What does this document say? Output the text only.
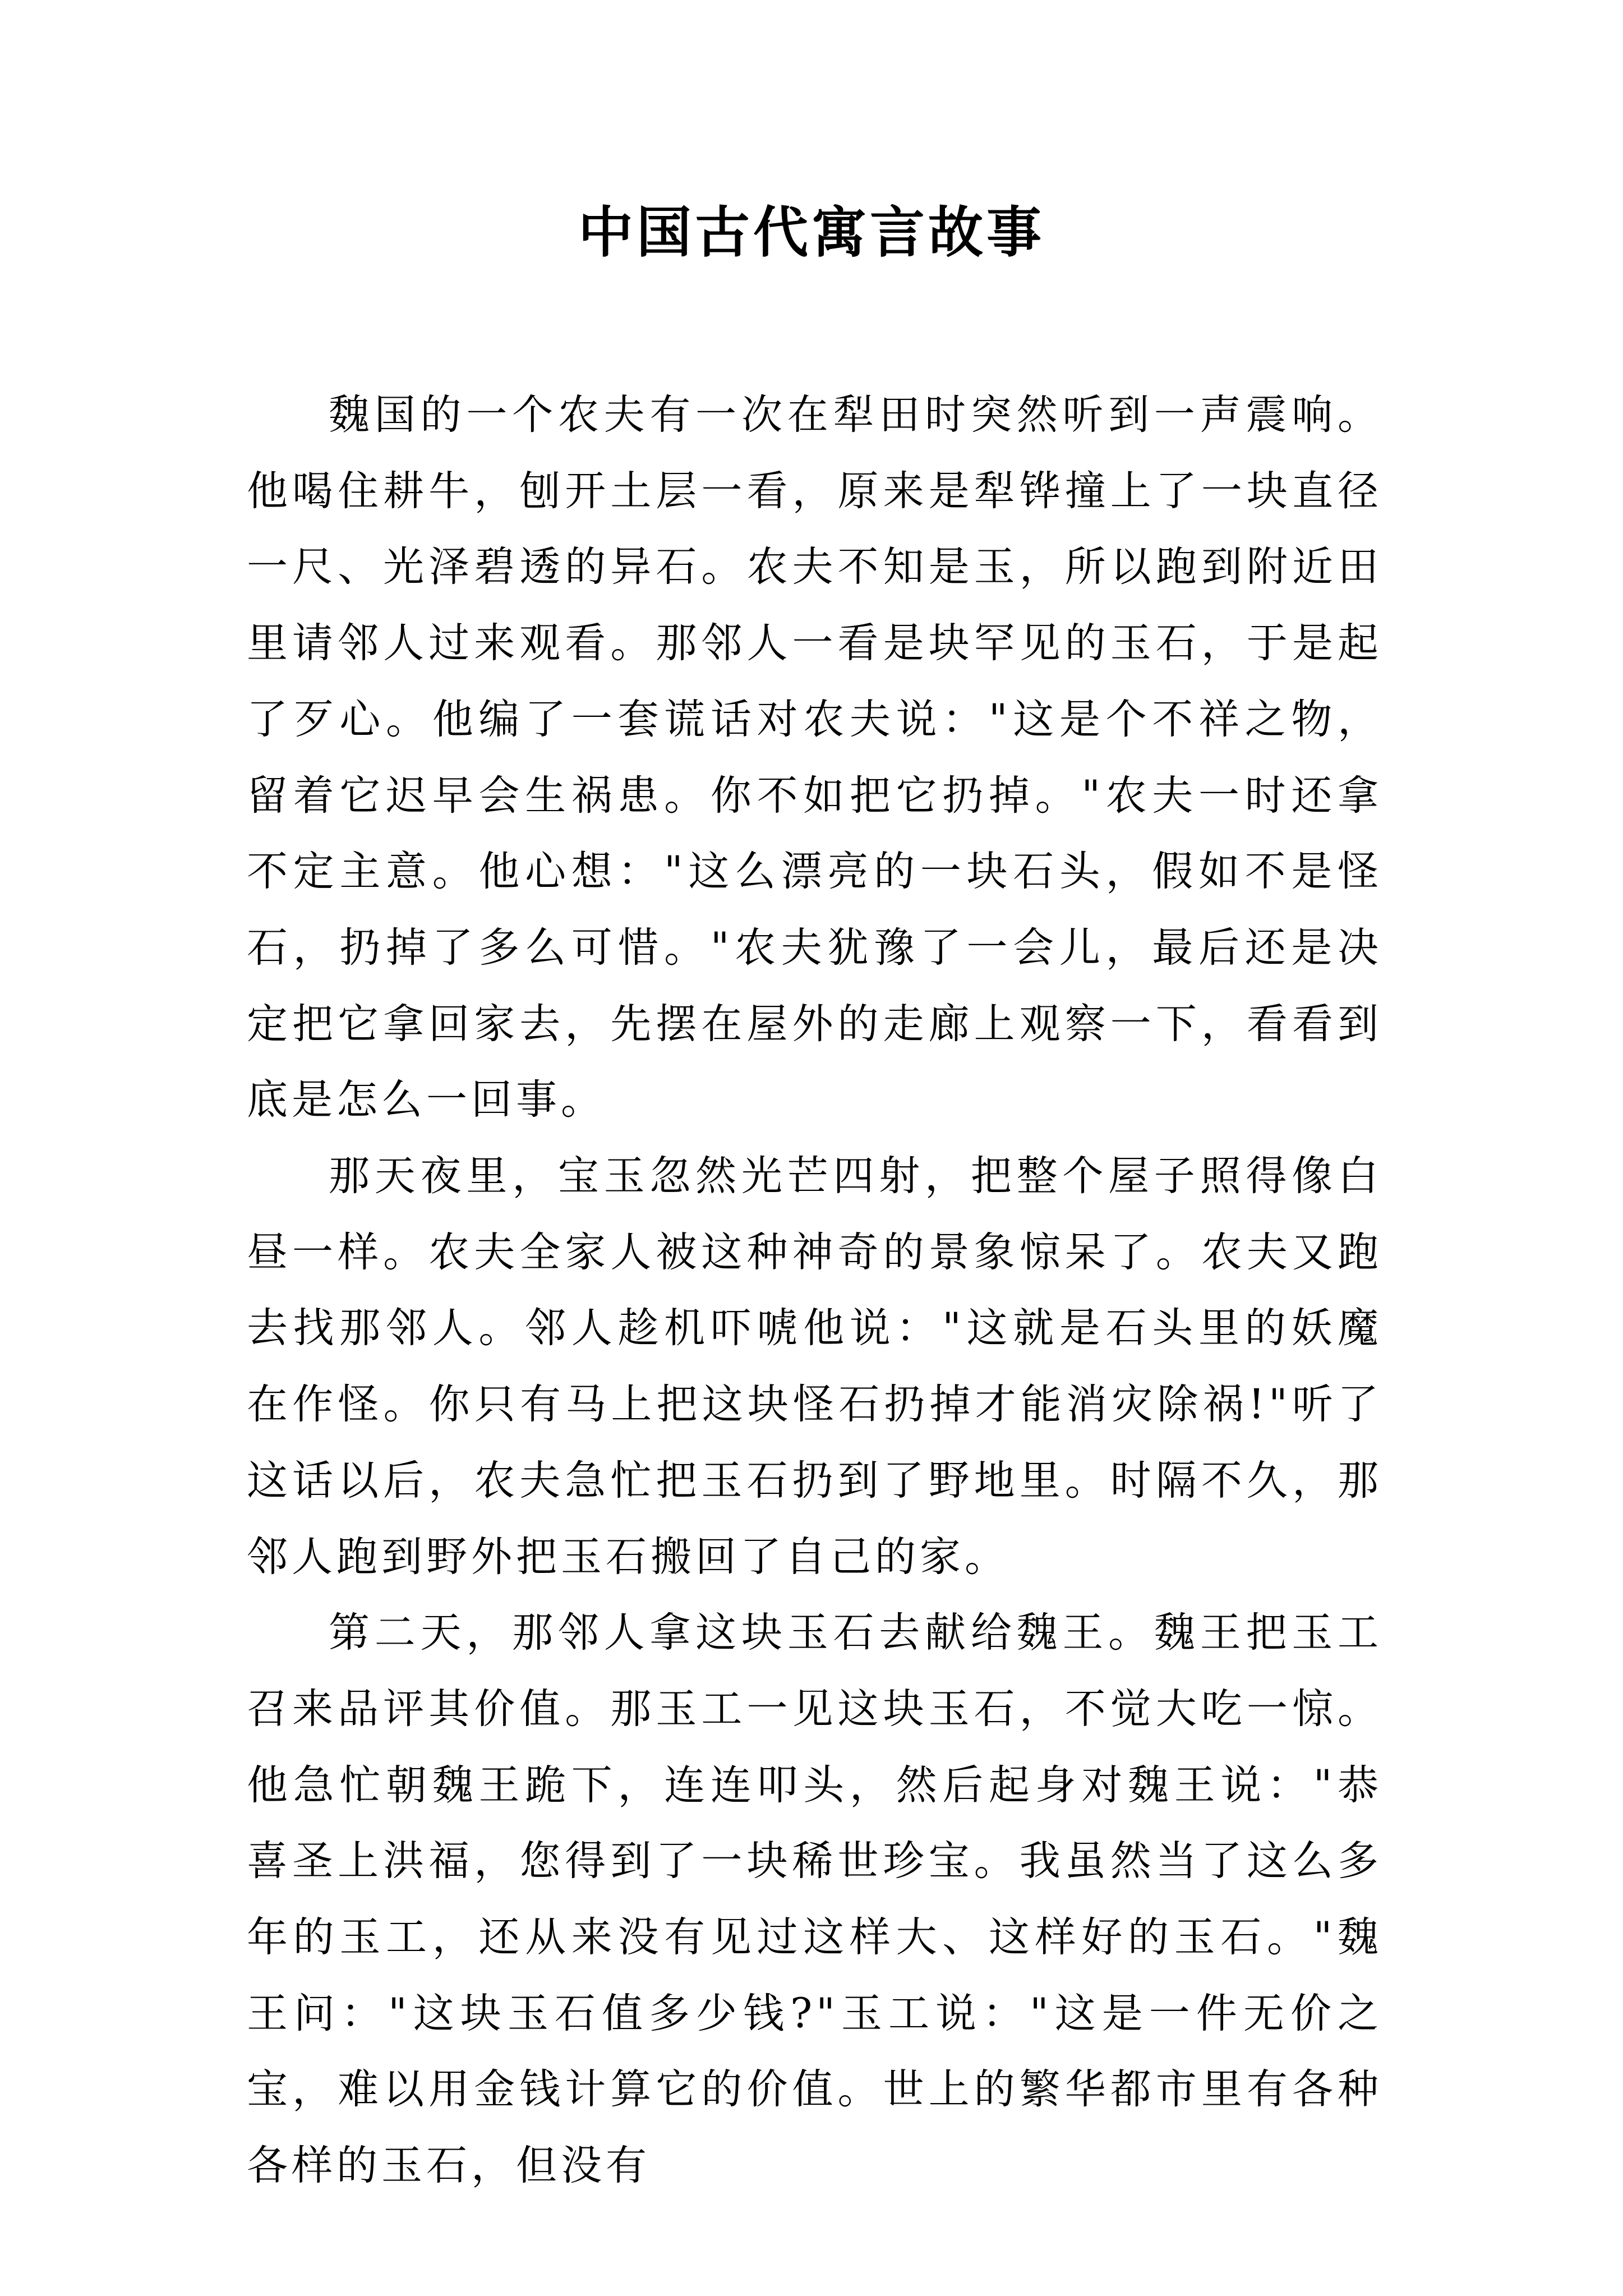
中国古代寓言故事

魏国的一个农夫有一次在犁田时突然听到一声震响。他喝住耕牛，刨开土层一看，原来是犁铧撞上了一块直径一尺、光泽碧透的异石。农夫不知是玉，所以跑到附近田里请邻人过来观看。那邻人一看是块罕见的玉石，于是起了歹心。他编了一套谎话对农夫说："这是个不祥之物，留着它迟早会生祸患。你不如把它扔掉。"农夫一时还拿不定主意。他心想："这么漂亮的一块石头，假如不是怪石，扔掉了多么可惜。"农夫犹豫了一会儿，最后还是决定把它拿回家去，先摆在屋外的走廊上观察一下，看看到底是怎么一回事。

那天夜里，宝玉忽然光芒四射，把整个屋子照得像白昼一样。农夫全家人被这种神奇的景象惊呆了。农夫又跑去找那邻人。邻人趁机吓唬他说："这就是石头里的妖魔在作怪。你只有马上把这块怪石扔掉才能消灾除祸!"听了这话以后，农夫急忙把玉石扔到了野地里。时隔不久，那邻人跑到野外把玉石搬回了自己的家。

第二天，那邻人拿这块玉石去献给魏王。魏王把玉工召来品评其价值。那玉工一见这块玉石，不觉大吃一惊。他急忙朝魏王跪下，连连叩头，然后起身对魏王说："恭喜圣上洪福，您得到了一块稀世珍宝。我虽然当了这么多年的玉工，还从来没有见过这样大、这样好的玉石。"魏王问："这块玉石值多少钱?"玉工说："这是一件无价之宝，难以用金钱计算它的价值。世上的繁华都市里有各种各样的玉石，但没有
